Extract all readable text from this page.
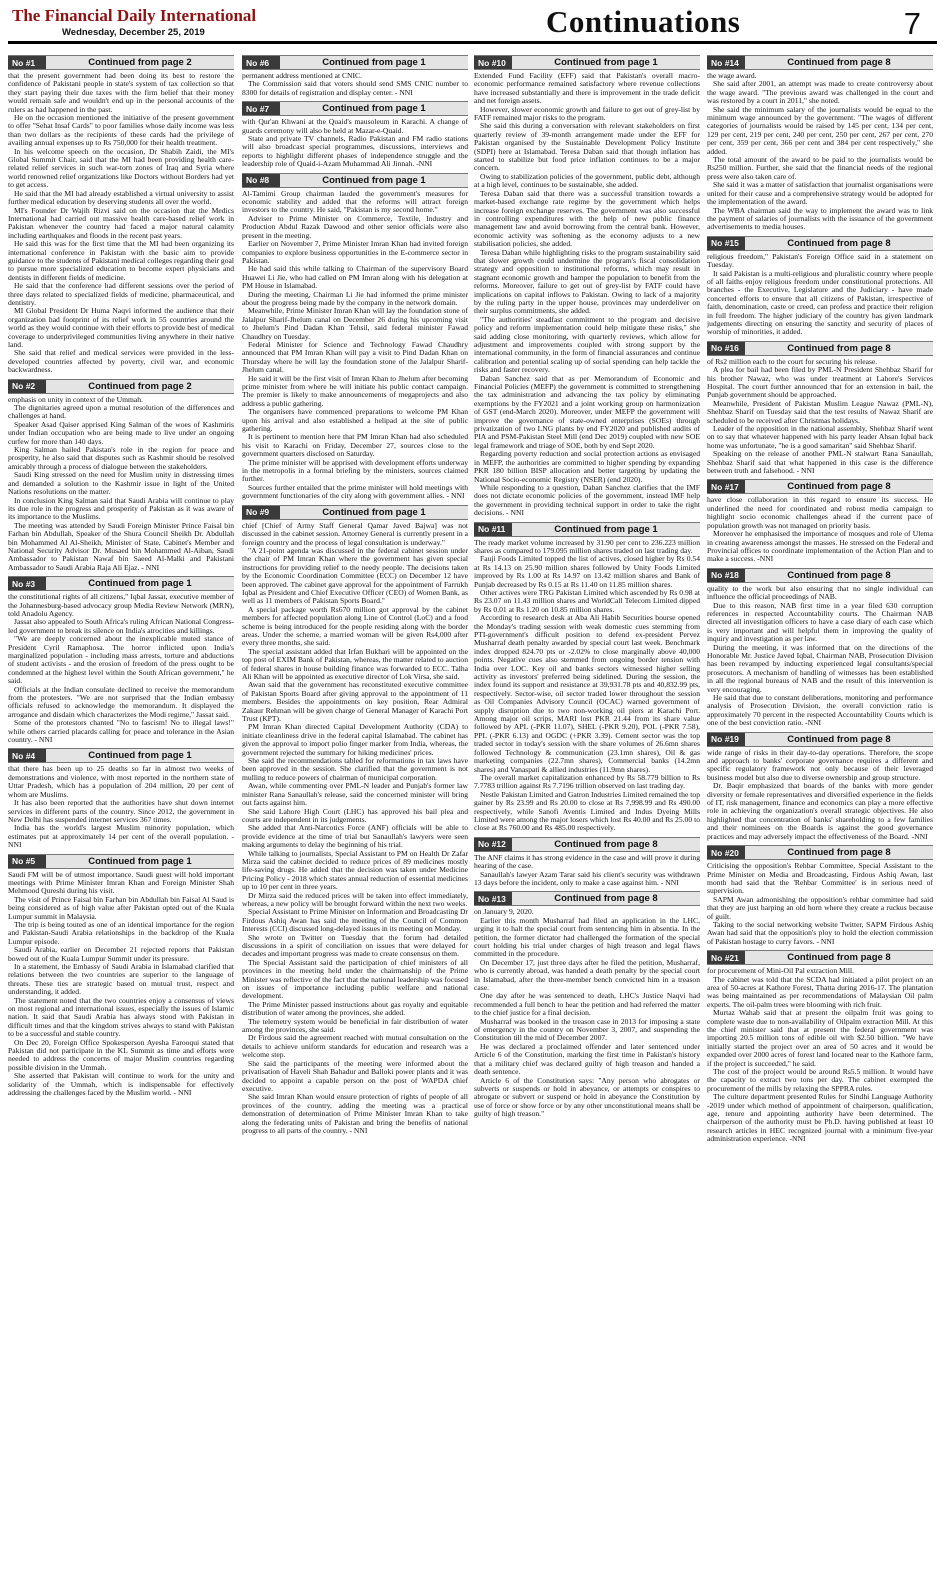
The Financial Daily International
Wednesday, December 25, 2019	Continuations	7
No #1	Continued from page 2

that the present government had been doing its best to restore the confidence of Pakistani people in state's system of tax collection so that they start paying their due taxes with the firm belief that their money would remain safe and wouldn't end up in the personal accounts of the rulers as had happened in the past.

He on the occasion mentioned the initiative of the present government to offer "Sehat Insaf Cards" to poor families whose daily income was less than two dollars as the recipients of these cards had the privilege of availing annual expenses up to Rs 750,000 for their health treatment.

In his welcome speech on the occasion, Dr Shabih Zaidi, the MI's Global Summit Chair, said that the MI had been providing health care-related relief services in such war-torn zones of Iraq and Syria where world renowned relief organizations like Doctors without Borders had yet to get access.

He said that the MI had already established a virtual university to assist further medical education by deserving students all over the world.

MI's Founder Dr Wajih Rizvi said on the occasion that the Medics International had carried out massive health care-based relief work in Pakistan whenever the country had faced a major natural calamity including earthquakes and floods in the recent past years.

He said this was for the first time that the MI had been organizing its international conference in Pakistan with the basic aim to provide guidance to the students of Pakistani medical colleges regarding their goal to pursue more specialized education to become expert physicians and dentists in different fields of medicine.

He said that the conference had different sessions over the period of three days related to specialized fields of medicine, pharmaceutical, and dentistry.

MI Global President Dr Huma Naqvi informed the audience that their organization had footprint of its relief work in 55 countries around the world as they would continue with their efforts to provide best of medical coverage to underprivileged communities living anywhere in their native land.

She said that relief and medical services were provided in the less-developed countries affected by poverty, civil war, and economic backwardness.

No #2	Continued from page 2

emphasis on unity in context of the Ummah.

The dignitaries agreed upon a mutual resolution of the differences and challenges at hand.

Speaker Asad Qaiser apprised King Salman of the woes of Kashmiris under Indian occupation who are being made to live under an ongoing curfew for more than 140 days.

King Salman hailed Pakistan's role in the region for peace and prosperity, he also said that disputes such as Kashmir should be resolved amicably through a process of dialogue between the stakeholders.

Saudi King stressed on the need for Muslim unity in distressing times and demanded a solution to the Kashmir issue in light of the United Nations resolutions on the matter.

In conclusion King Salman said that Saudi Arabia will continue to play its due role in the progress and prosperity of Pakistan as it was aware of its importance to the Muslims.

The meeting was attended by Saudi Foreign Minister Prince Faisal bin Farhan bin Abdullah, Speaker of the Shura Council Sheikh Dr. Abdullah bin Mohammed Al Al-Sheikh, Minister of State, Cabinet's Member and National Security Advisor Dr. Musaed bin Mohammed Al-Aiban, Saudi Ambassador to Pakistan Nawaf bin Saeed Al-Malki and Pakistani Ambassador to Saudi Arabia Raja Ali Ejaz. - NNI

No #3	Continued from page 1

the constitutional rights of all citizens," Iqbal Jassat, executive member of the Johannesburg-based advocacy group Media Review Network (MRN), told Anadolu Agency.

Jassat also appealed to South Africa's ruling African National Congress-led government to break its silence on India's atrocities and killings.

"We are deeply concerned about the inexplicable muted stance of President Cyril Ramaphosa. The horror inflicted upon India's marginalized population - including mass arrests, torture and abductions of student activists - and the erosion of freedom of the press ought to be condemned at the highest level within the South African government," he said.

Officials at the Indian consulate declined to receive the memorandum from the protesters. "We are not surprised that the Indian embassy officials refused to acknowledge the memorandum. It displayed the arrogance and disdain which characterizes the Modi regime," Jassat said.

Some of the protestors chanted "No to fascism! No to illegal laws!" while others carried placards calling for peace and tolerance in the Asian country. - NNI

No #4	Continued from page 1

that there has been up to 25 deaths so far in almost two weeks of demonstrations and violence, with most reported in the northern state of Uttar Pradesh, which has a population of 204 million, 20 per cent of whom are Muslims.

It has also been reported that the authorities have shut down internet services in different parts of the country. Since 2012, the government in New Delhi has suspended internet services 367 times.

India has the world's largest Muslim minority population, which estimates put at approximately 14 per cent of the overall population. - NNI

No #5	Continued from page 1

Saudi FM will be of utmost importance. Saudi guest will hold important meetings with Prime Minister Imran Khan and Foreign Minister Shah Mehmood Qureshi during his visit.

The visit of Prince Faisal bin Farhan bin Abdullah bin Faisal Al Saud is being considered as of high value after Pakistan opted out of the Kuala Lumpur summit in Malaysia.

The trip is being touted as one of an identical importance for the region and Pakistan-Saudi Arabia relationships in the backdrop of the Kuala Lumpur episode.

Saudi Arabia, earlier on December 21 rejected reports that Pakistan bowed out of the Kuala Lumpur Summit under its pressure.

In a statement, the Embassy of Saudi Arabia in Islamabad clarified that relations between the two countries are superior to the language of threats. These ties are strategic based on mutual trust, respect and understanding, it added.

The statement noted that the two countries enjoy a consensus of views on most regional and international issues, especially the issues of Islamic nation. It said that Saudi Arabia has always stood with Pakistan in difficult times and that the kingdom strives always to stand with Pakistan to be a successful and stable country.

On Dec 20, Foreign Office Spokesperson Ayesha Farooqui stated that Pakistan did not participate in the KL Summit as time and efforts were needed to address the concerns of major Muslim countries regarding possible division in the Ummah.

She asserted that Pakistan will continue to work for the unity and solidarity of the Ummah, which is indispensable for effectively addressing the challenges faced by the Muslim world. - NNI

No #6	Continued from page 1

permanent address mentioned at CNIC.

The Commission said that voters should send SMS CNIC number to 8300 for details of registration and display center. - NNI

No #7	Continued from page 1

with Qur'an Khwani at the Quaid's mausoleum in Karachi. A change of guards ceremony will also be held at Mazar-e-Quaid.

State and private TV channels, Radio Pakistan and FM radio stations will also broadcast special programmes, discussions, interviews and reports to highlight different phases of independence struggle and the leadership role of Quaid-i-Azam Muhammad Ali Jinnah. -NNI

No #8	Continued from page 1

Al-Tamimi Group chairman lauded the government's measures for economic stability and added that the reforms will attract foreign investors to the country. He said, "Pakistan is my second home."

Adviser to Prime Minister on Commerce, Textile, Industry and Production Abdul Razak Dawood and other senior officials were also present in the meeting.

Earlier on November 7, Prime Minister Imran Khan had invited foreign companies to explore business opportunities in the E-commerce sector in Pakistan.

He had said this while talking to Chairman of the supervisory Board Huawei Li Jie, who had called on PM Imran along with his delegation at PM House in Islamabad.

During the meeting, Chairman Li Jie had informed the prime minister about the progress being made by the company in the network domain.

Meanwhile, Prime Minister Imran Khan will lay the foundation stone of Jalalpur Sharif-Jhelum canal on December 26 during his upcoming visit to Jhelum's Pind Dadan Khan Tehsil, said federal minister Fawad Chaudhry on Tuesday.

Federal Minister for Science and Technology Fawad Chaudhry announced that PM Imran Khan will pay a visit to Pind Dadan Khan on Thursday where he will lay the foundation stone of the Jalalpur Sharif-Jhelum canal.

He said it will be the first visit of Imran Khan to Jhelum after becoming prime minister from where he will initiate his public contact campaign. The premier is likely to make announcements of megaprojects and also address a public gathering.

The organisers have commenced preparations to welcome PM Khan upon his arrival and also established a helipad at the site of public gathering.

It is pertinent to mention here that PM Imran Khan had also scheduled his visit to Karachi on Friday, December 27, sources close to the government quarters disclosed on Saturday.

The prime minister will be apprised with development efforts underway in the metropolis in a formal briefing by the ministers, sources claimed further.

Sources further entailed that the prime minister will hold meetings with government functionaries of the city along with government allies. - NNI

No #9	Continued from page 1

chief [Chief of Army Staff General Qamar Javed Bajwa] was not discussed in the cabinet session. Attorney General is currently present in a foreign country and the process of legal consultation is underway."

"A 21-point agenda was discussed in the federal cabinet session under the chair of PM Imran Khan where the government has given special instructions for providing relief to the needy people. The decisions taken by the Economic Coordination Committee (ECC) on December 12 have been approved. The cabinet gave approval for the appointment of Farrukh Iqbal as President and Chief Executive Officer (CEO) of Women Bank, as well as 11 members of Pakistan Sports Board."

A special package worth Rs670 million got approval by the cabinet members for affected population along Line of Control (LoC) and a food scheme is being introduced for the people residing along with the border areas. Under the scheme, a married woman will be given Rs4,000 after every three months, she said.

The special assistant added that Irfan Bukhari will be appointed on the top post of EXIM Bank of Pakistan, whereas, the matter related to auction of federal shares in house building finance was forwarded to ECC. Talha Ali Khan will be appointed as executive director of Lok Virsa, she said.

Awan said that the government has reconstituted executive committee of Pakistan Sports Board after giving approval to the appointment of 11 members. Besides the appointments on key position, Rear Admiral Zakaur Rehman will be given charge of General Manager of Karachi Port Trust (KPT).

PM Imran Khan directed Capital Development Authority (CDA) to initiate cleanliness drive in the federal capital Islamabad. The cabinet has given the approval to import polio finger marker from India, whereas, the government rejected the summary for hiking medicines' prices.

She said the recommendations tabled for reformations in tax laws have been approved in the session. She clarified that the government is not mulling to reduce powers of chairman of municipal corporation.

Awan, while commenting over PML-N leader and Punjab's former law minister Rana Sanaullah's release, said the concerned minister will bring out facts against him.

She said Lahore High Court (LHC) has approved his bail plea and courts are independent in its judgements.

She added that Anti-Narcotics Force (ANF) officials will be able to provide evidence at the time of trial but Sanaullah's lawyers were seen making arguments to delay the beginning of his trial.

While talking to journalists, Special Assistant to PM on Health Dr Zafar Mirza said the cabinet decided to reduce prices of 89 medicines mostly life-saving drugs. He added that the decision was taken under Medicine Pricing Policy - 2018 which states annual reduction of essential medicines up to 10 per cent in three years.

Dr Mirza said the reduced prices will be taken into effect immediately, whereas, a new policy will be brought forward within the next two weeks.

Special Assistant to Prime Minister on Information and Broadcasting Dr Firdous Ashiq Awan has said the meeting of the Council of Common Interests (CCI) discussed long-delayed issues in its meeting on Monday.

She wrote on Twitter on Tuesday that the forum had detailed discussions in a spirit of conciliation on issues that were delayed for decades and important progress was made to create consensus on them.

The Special Assistant said the participation of chief ministers of all provinces in the meeting held under the chairmanship of the Prime Minister was reflective of the fact that the national leadership was focused on issues of importance including public welfare and national development.

The Prime Minister passed instructions about gas royalty and equitable distribution of water among the provinces, she added.

The telemetry system would be beneficial in fair distribution of water among the provinces, she said.

Dr Firdous said the agreement reached with mutual consultation on the details to achieve uniform standards for education and research was a welcome step.

She said the participants of the meeting were informed about the privatisation of Haveli Shah Bahadur and Balloki power plants and it was decided to appoint a capable person on the post of WAPDA chief executive.

She said Imran Khan would ensure protection of rights of people of all provinces of the country, adding the meeting was a practical demonstration of determination of Prime Minister Imran Khan to take along the federating units of Pakistan and bring the benefits of national progress to all parts of the country. - NNI

No #10	Continued from page 1

Extended Fund Facility (EFF) said that Pakistan's overall macro-economic performance remained satisfactory where revenue collections have increased substantially and there is improvement in the trade deficit and net foreign assets.

However, slower economic growth and failure to get out of grey-list by FATF remained major risks to the program.

She said this during a conversation with relevant stakeholders on first quarterly review of 39-month arrangement made under the EFF for Pakistan organised by the Sustainable Development Policy Institute (SDPI) here at Islamabad. Teresa Daban said that though inflation has started to stabilize but food price inflation continues to be a major concern.

Owing to stabilization policies of the government, public debt, although at a high level, continues to be sustainable, she added.

Teresa Daban said that there was a successful transition towards a market-based exchange rate regime by the government which helps increase foreign exchange reserves. The government was also successful in controlling expenditures with the help of new public finance management law and avoid borrowing from the central bank. However, economic activity was softening as the economy adjusts to a new stabilisation policies, she added.

Teresa Daban while highlighting risks to the program sustainability said that slower growth could undermine the program's fiscal consolidation strategy and opposition to institutional reforms, which may result in stagnant economic growth and hamper the population to benefit from the reforms. Moreover, failure to get out of grey-list by FATF could have implications on capital inflows to Pakistan. Owing to lack of a majority by the ruling party in the upper house, provinces may underdeliver on their surplus commitments, she added.

"The authorities' steadfast commitment to the program and decisive policy and reform implementation could help mitigate these risks," she said adding close monitoring, with quarterly reviews, which allow for adjustment and improvements coupled with strong support by the international community, in the form of financial assurances and continue calibration and potential scaling up of social spending can help tackle the risks and faster recovery.

Daban Sanchez said that as per Memorandum of Economic and Financial Policies (MEFP) the government is committed to strengthening the tax administration and advancing the tax policy by eliminating exemptions by the FY2021 and a joint working group on harmonization of GST (end-March 2020). Moreover, under MEFP the government will improve the governance of state-owned enterprises (SOEs) through privatization of two LNG plants by end FY2020 and published audits of PIA and PSM-Pakistan Steel Mill (end Dec 2019) coupled with new SOE legal framework and triage of SOE, both by end Sept 2020.

Regarding poverty reduction and social protection actions as envisaged in MEFP, the authorities are committed to higher spending by expanding PKR 180 billion BISP allocation and better targeting by updating the National Socio-economic Registry (NSER) (end 2020).

While responding to a question, Daban Sanchez clarifies that the IMF does not dictate economic policies of the government, instead IMF help the government in providing technical support in order to take the right decisions. - NNI

No #11	Continued from page 1

The ready market volume increased by 31.90 per cent to 236.223 million shares as compared to 179.095 million shares traded on last trading day.

Fauji Foods Limited topped the list of actives, closed higher by Rs 0.54 at Rs 14.13 on 25.90 million shares followed by Unity Foods Limited improved by Rs 1.00 at Rs 14.97 on 13.42 million shares and Bank of Punjab decreased by Rs 0.15 at Rs 11.40 on 11.85 million shares.

Other actives were TRG Pakistan Limited which ascended by Rs 0.98 at Rs 23.07 on 11.43 million shares and WorldCall Telecom Limited dipped by Rs 0.01 at Rs 1.20 on 10.85 million shares.

According to research desk at Aba Ali Habib Securities bourse opened the Monday's trading session with weak domestic cues stemming from PTI-government's difficult position to defend ex-president Pervez Musharraf death penalty awarded by special court last week. Benchmark index dropped 824.70 pts or -2.02% to close marginally above 40,000 points. Negative cues also stemmed from ongoing border tension with India over LOC. Key oil and banks sectors witnessed higher selling activity as investors' preferred being sidelined. During the session, the index found its support and resistance at 39,931.78 pts and 40,832.99 pts, respectively. Sector-wise, oil sector traded lower throughout the session as Oil Companies Advisory Council (OCAC) warned government of supply disruption due to two non-working oil piers at Karachi Port. Among major oil scrips, MARI lost PKR 21.44 from its share value followed by APL (-PKR 11.07), SHEL (-PKR 9.20), POL (-PKR 7.58), PPL (-PKR 6.13) and OGDC (+PKR 3.39). Cement sector was the top traded sector in today's session with the share volumes of 26.6mn shares followed Technology & communication (23.1mn shares), Oil & gas marketing companies (22.7mn shares), Commercial banks (14.2mn shares) and Vanaspati & allied industries (11.9mn shares).

The overall market capitalization enhanced by Rs 58.779 billion to Rs 7.7783 trillion against Rs 7.7196 trillion observed on last trading day.

Nestle Pakistan Limited and Gatron Industries Limited remained the top gainer by Rs 23.99 and Rs 20.00 to close at Rs 7,998.99 and Rs 490.00 respectively, while Sanofi Aventis Limited and Indus Dyeing Mills Limited were among the major losers which lost Rs 40.00 and Rs 25.00 to close at Rs 760.00 and Rs 485.00 respectively.

No #12	Continued from page 8

The ANF claims it has strong evidence in the case and will prove it during hearing of the case.

Sanaullah's lawyer Azam Tarar said his client's security was withdrawn 13 days before the incident, only to make a case against him. - NNI

No #13	Continued from page 8

on January 9, 2020.

Earlier this month Musharraf had filed an application in the LHC, urging it to halt the special court from sentencing him in absentia. In the petition, the former dictator had challenged the formation of the special court holding his trial under charges of high treason and legal flaws committed in the procedure.

On December 17, just three days after he filed the petition, Musharraf, who is currently abroad, was handed a death penalty by the special court in Islamabad, after the three-member bench convicted him in a treason case.

One day after he was sentenced to death, LHC's Justice Naqvi had recommended a full bench to hear the petition and had referred the matter to the chief justice for a final decision.

Musharraf was booked in the treason case in 2013 for imposing a state of emergency in the country on November 3, 2007, and suspending the Constitution till the mid of December 2007.

He was declared a proclaimed offender and later sentenced under Article 6 of the Constitution, marking the first time in Pakistan's history that a military chief was declared guilty of high treason and handed a death sentence.

Article 6 of the Constitution says: "Any person who abrogates or subverts or suspends or hold in abeyance, or attempts or conspires to abrogate or subvert or suspend or hold in abeyance the Constitution by use of force or show force or by any other unconstitutional means shall be guilty of high treason."

No #14	Continued from page 8

the wage award.

She said after 2001, an attempt was made to create controversy about the wage award. "The previous award was challenged in the court and was restored by a court in 2011," she noted.

She said the minimum salary of the journalists would be equal to the minimum wage announced by the government. "The wages of different categories of journalists would be raised by 145 per cent, 134 per cent, 129 per cent, 219 per cent, 240 per cent, 250 per cent, 267 per cent, 270 per cent, 359 per cent, 366 per cent and 384 per cent respectively," she added.

The total amount of the award to be paid to the journalists would be Rs250 million. Further, she said that the financial needs of the regional press were also taken care of.

She said it was a matter of satisfaction that journalist organisations were united for their cause and a comprehensive strategy would be adopted for the implementation of the award.

The WBA chairman said the way to implement the award was to link the payment of salaries of journalists with the issuance of the government advertisements to media houses.

No #15	Continued from page 8

religious freedom," Pakistan's Foreign Office said in a statement on Tuesday.

It said Pakistan is a multi-religious and pluralistic country where people of all faiths enjoy religious freedom under constitutional protections. All branches - the Executive, Legislature and the Judiciary - have made concerted efforts to ensure that all citizens of Pakistan, irrespective of faith, denomination, caste or creed, can profess and practice their religion in full freedom. The higher judiciary of the country has given landmark judgements directing on ensuring the sanctity and security of places of worship of minorities, it added.

No #16	Continued from page 8

of Rs2 million each to the court for securing his release.

A plea for bail had been filed by PML-N President Shehbaz Sharif for his brother Nawaz, who was under treatment at Lahore's Services Hospital. The court further announced that for an extension in bail, the Punjab government should be approached.

Meanwhile, President of Pakistan Muslim League Nawaz (PML-N), Shehbaz Sharif on Tuesday said that the test results of Nawaz Sharif are scheduled to be received after Christmas holidays.

Leader of the opposition in the national assembly, Shehbaz Sharif went on to say that whatever happened with his party leader Ahsan Iqbal back home was unfortunate, "he is a good samaritan" said Shehbaz Sharif.

Speaking on the release of another PML-N stalwart Rana Sanaullah, Shehbaz Sharif said that what happened in this case is the difference between truth and falsehood. - NNI

No #17	Continued from page 8

have close collaboration in this regard to ensure its success. He underlined the need for coordinated and robust media campaign to highlight socio economic challenges ahead if the current pace of population growth was not managed on priority basis.

Moreover he emphasised the importance of mosques and role of Ulema in creating awareness amongst the masses. He stressed on the Federal and Provincial offices to coordinate implementation of the Action Plan and to make a success. -NNI

No #18	Continued from page 8

quality to the work but also ensuring that no single individual can influence the official proceedings of NAB.

Due to this reason, NAB first time in a year filed 630 corruption references in respected Accountability courts. The Chairman NAB directed all investigation officers to have a case diary of each case which is very important and will helpful them in improving the quality of inquiry and investigation as per law.

During the meeting, it was informed that on the directions of the Honorable Mr. Justice Javed Iqbal, Chairman NAB, Prosecution Division has been revamped by inducting experienced legal consultants/special prosecutors. A mechanism of handling of witnesses has been established in all the regional bureaus of NAB and the result of this intervention is very encouraging.

He said that due to constant deliberations, monitoring and performance analysis of Prosecution Division, the overall conviction ratio is approximately 70 percent in the respected Accountability Courts which is one of the best conviction ratio. -NNI

No #19	Continued from page 8

wide range of risks in their day-to-day operations. Therefore, the scope and approach to banks' corporate governance requires a different and specific regulatory framework not only because of their leveraged business model but also due to diverse ownership and group structure.

Dr. Baqir emphasized that boards of the banks with more gender diversity or female representatives and diversified experience in the fields of IT, risk management, finance and economics can play a more effective role in achieving the organization's overall strategic objectives. He also highlighted that concentration of banks' shareholding to a few families and their nominees on the Boards is against the good governance practices and may adversely impact the effectiveness of the Board. -NNI

No #20	Continued from page 8

Criticising the opposition's Rehbar Committee, Special Assistant to the Prime Minister on Media and Broadcasting, Firdous Ashiq Awan, last month had said that the 'Rehbar Committee' is in serious need of supervision.

SAPM Awan admonishing the opposition's rehbar committee had said that they are just harping an old horn where they create a ruckus because of guilt.

Taking to the social networking website Twitter, SAPM Firdous Ashiq Awan had said that the opposition's ploy to hold the election commission of Pakistan hostage to curry favors. - NNI

No #21	Continued from page 8

for procurement of Mini-Oil Pal extraction Mill.

The cabinet was told that the SCDA had initiated a pilot project on an area of 50-acres at Kathore Forest, Thatta during 2016-17. The plantation was being maintained as per recommendations of Malaysian Oil palm experts. The oil-palm trees were blooming with rich fruit.

Murtaz Wahab said that at present the oilpalm fruit was going to complete waste due to non-availability of Oilpalm extraction Mill. At this the chief minister said that at present the federal government was importing 20.5 million tons of edible oil with $2.50 billion. "We have initially started the project over an area of 50 acres and it would be expanded over 2000 acres of forest land located near to the Kathore farm, if the project is succeeded," he said.

The cost of the project would be around Rs5.5 million. It would have the capacity to extract two tons per day. The cabinet exempted the procurement of the mills by relaxing the SPPRA rules.

The culture department presented Rules for Sindhi Language Authority -2019 under which method of appointment of chairperson, qualification, age, tenure and appointing authority have been determined. The chairperson of the authority must be Ph.D. having published at least 10 research articles in HEC recognized journal with a minimum five-year administration experience. -NNI
